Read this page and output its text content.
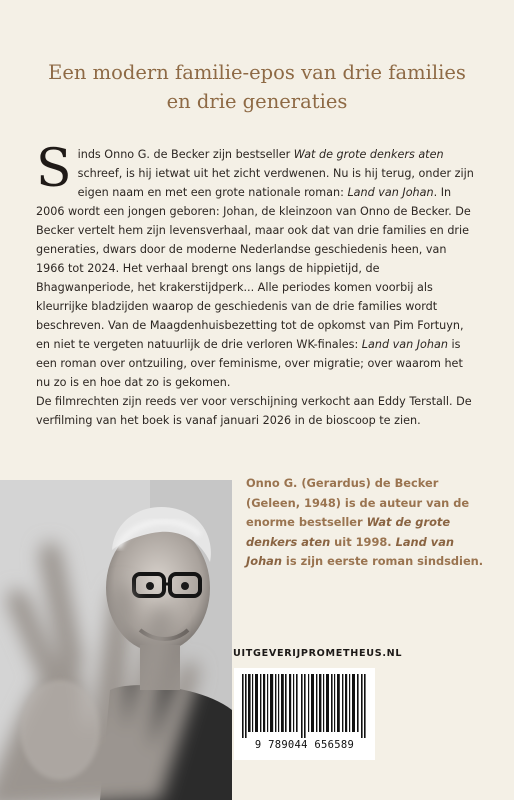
Een modern familie-epos van drie families
en drie generaties

Sinds Onno G. de Becker zijn bestseller Wat de grote denkers aten schreef, is hij ietwat uit het zicht verdwenen. Nu is hij terug, onder zijn eigen naam en met een grote nationale roman: Land van Johan. In 2006 wordt een jongen geboren: Johan, de kleinzoon van Onno de Becker. De Becker vertelt hem zijn levensverhaal, maar ook dat van drie families en drie generaties, dwars door de moderne Nederlandse geschiedenis heen, van 1966 tot 2024. Het verhaal brengt ons langs de hippietijd, de Bhagwanperiode, het krakerstijdperk... Alle periodes komen voorbij als kleurrijke bladzijden waarop de geschiedenis van de drie families wordt beschreven. Van de Maagdenhuisbezetting tot de opkomst van Pim Fortuyn, en niet te vergeten natuurlijk de drie verloren WK-finales: Land van Johan is een roman over ontzuiling, over feminisme, over migratie; over waarom het nu zo is en hoe dat zo is gekomen.

De filmrechten zijn reeds ver voor verschijning verkocht aan Eddy Terstall. De verfilming van het boek is vanaf januari 2026 in de bioscoop te zien.

Onno G. (Gerardus) de Becker (Geleen, 1948) is de auteur van de enorme bestseller Wat de grote denkers aten uit 1998. Land van Johan is zijn eerste roman sindsdien.
UITGEVERIJPROMETHEUS.NL
9 789044 656589
